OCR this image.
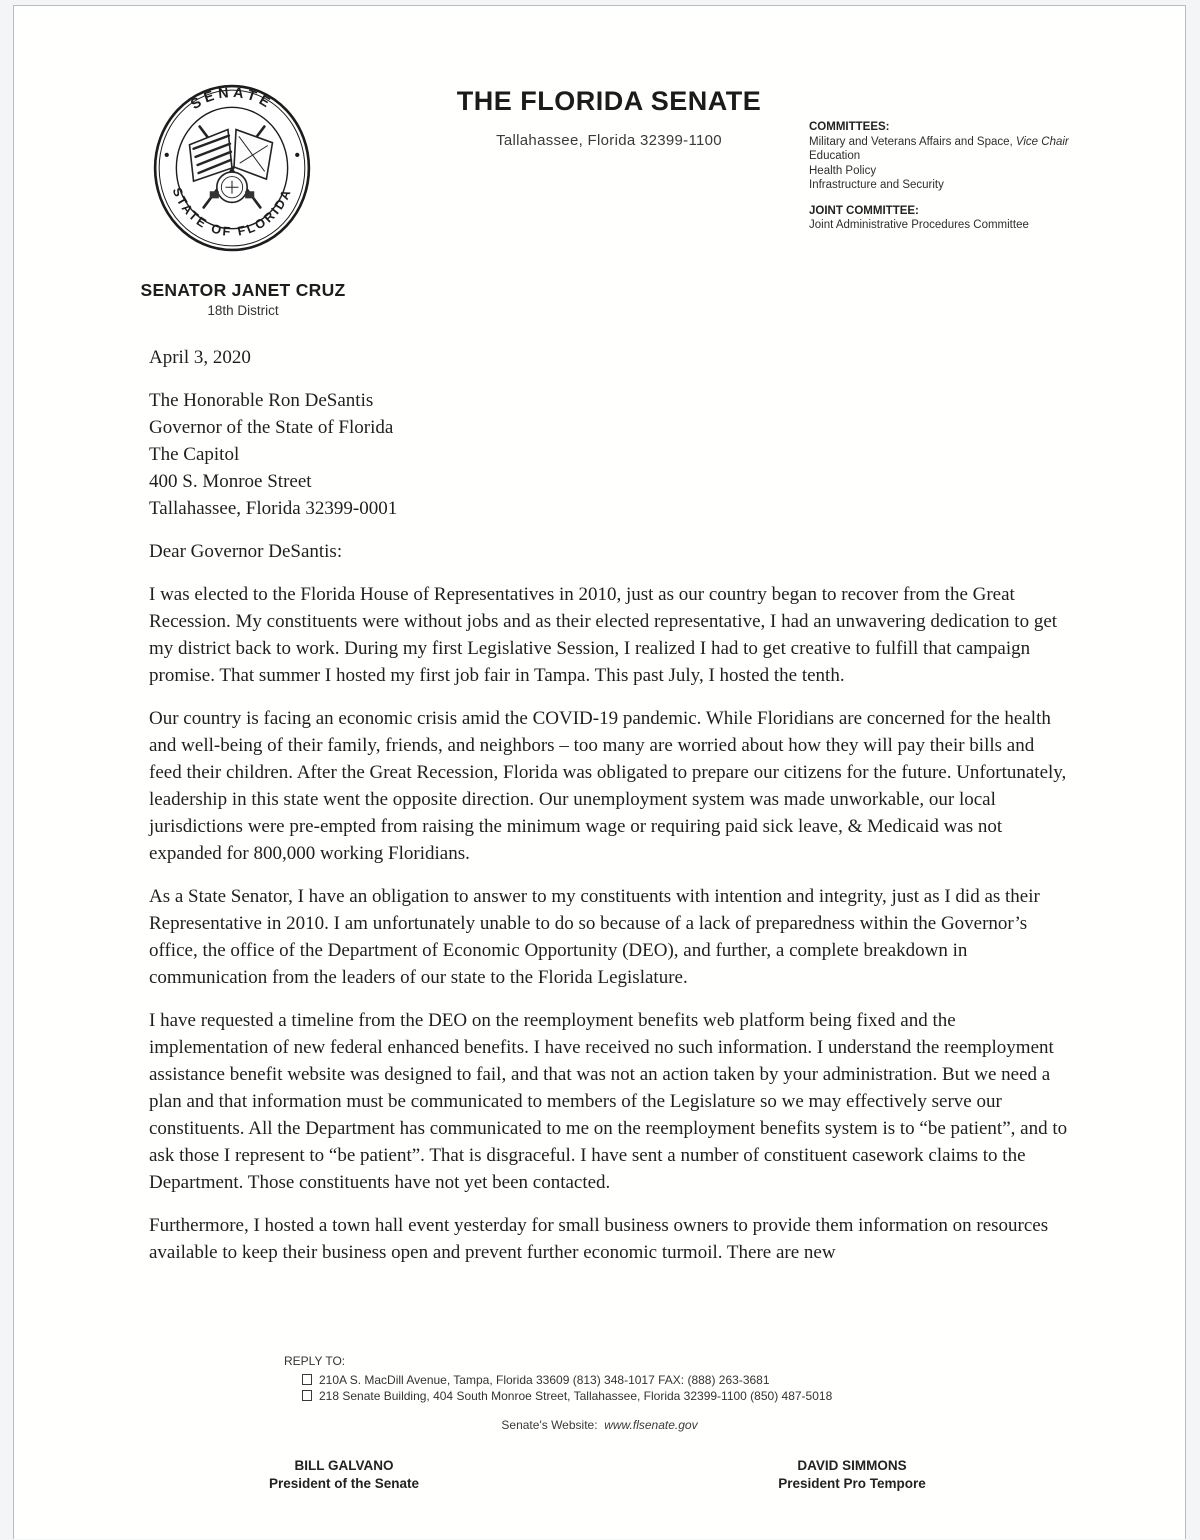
SENATE
STATE OF FLORIDA
THE FLORIDA SENATE
Tallahassee, Florida 32399-1100
COMMITTEES:
Military and Veterans Affairs and Space, Vice Chair
Education
Health Policy
Infrastructure and Security
JOINT COMMITTEE:
Joint Administrative Procedures Committee
SENATOR JANET CRUZ
18th District
April 3, 2020
The Honorable Ron DeSantis
Governor of the State of Florida
The Capitol
400 S. Monroe Street
Tallahassee, Florida 32399-0001
Dear Governor DeSantis:

I was elected to the Florida House of Representatives in 2010, just as our country began to recover from the Great Recession. My constituents were without jobs and as their elected representative, I had an unwavering dedication to get my district back to work. During my first Legislative Session, I realized I had to get creative to fulfill that campaign promise. That summer I hosted my first job fair in Tampa. This past July, I hosted the tenth.

Our country is facing an economic crisis amid the COVID-19 pandemic. While Floridians are concerned for the health and well-being of their family, friends, and neighbors – too many are worried about how they will pay their bills and feed their children. After the Great Recession, Florida was obligated to prepare our citizens for the future. Unfortunately, leadership in this state went the opposite direction. Our unemployment system was made unworkable, our local jurisdictions were pre-empted from raising the minimum wage or requiring paid sick leave, & Medicaid was not expanded for 800,000 working Floridians.

As a State Senator, I have an obligation to answer to my constituents with intention and integrity, just as I did as their Representative in 2010. I am unfortunately unable to do so because of a lack of preparedness within the Governor’s office, the office of the Department of Economic Opportunity (DEO), and further, a complete breakdown in communication from the leaders of our state to the Florida Legislature.

I have requested a timeline from the DEO on the reemployment benefits web platform being fixed and the implementation of new federal enhanced benefits. I have received no such information. I understand the reemployment assistance benefit website was designed to fail, and that was not an action taken by your administration. But we need a plan and that information must be communicated to members of the Legislature so we may effectively serve our constituents. All the Department has communicated to me on the reemployment benefits system is to “be patient”, and to ask those I represent to “be patient”. That is disgraceful. I have sent a number of constituent casework claims to the Department. Those constituents have not yet been contacted.

Furthermore, I hosted a town hall event yesterday for small business owners to provide them information on resources available to keep their business open and prevent further economic turmoil. There are new

REPLY TO:
210A S. MacDill Avenue, Tampa, Florida 33609 (813) 348-1017 FAX: (888) 263-3681
218 Senate Building, 404 South Monroe Street, Tallahassee, Florida 32399-1100 (850) 487-5018
Senate's Website: www.flsenate.gov
BILL GALVANO
President of the Senate
DAVID SIMMONS
President Pro Tempore
